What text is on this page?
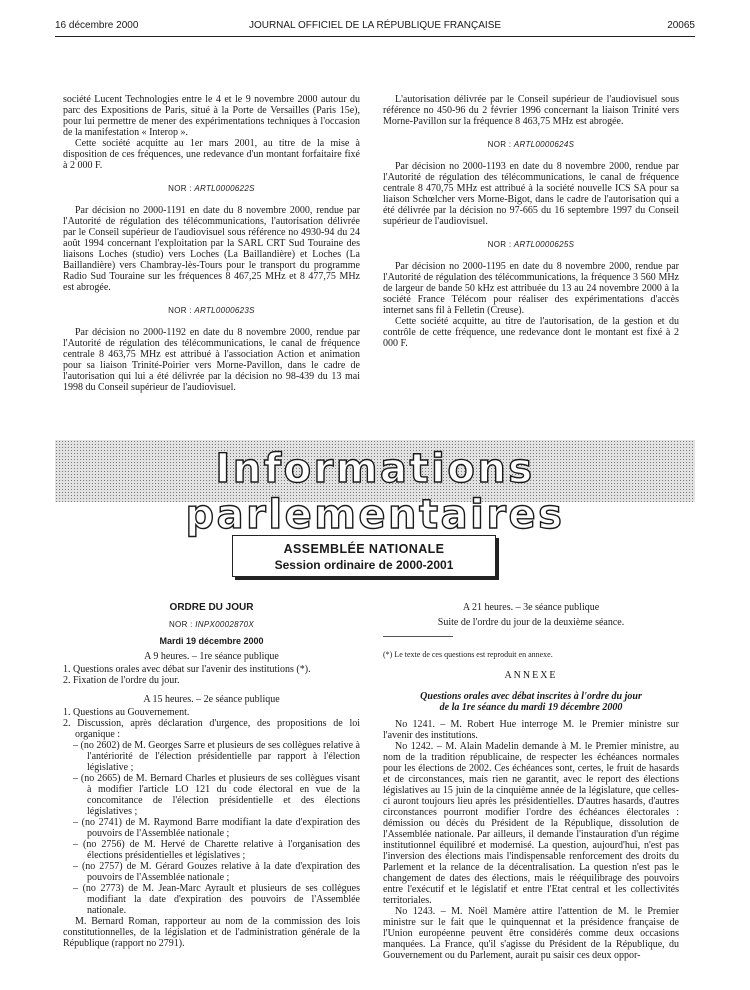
16 décembre 2000	JOURNAL OFFICIEL DE LA RÉPUBLIQUE FRANÇAISE	20065

société Lucent Technologies entre le 4 et le 9 novembre 2000 autour du parc des Expositions de Paris, situé à la Porte de Versailles (Paris 15e), pour lui permettre de mener des expérimentations techniques à l'occasion de la manifestation « Interop ».

Cette société acquitte au 1er mars 2001, au titre de la mise à disposition de ces fréquences, une redevance d'un montant forfaitaire fixé à 2 000 F.

NOR : ARTL0000622S

Par décision no 2000-1191 en date du 8 novembre 2000, rendue par l'Autorité de régulation des télécommunications, l'autorisation délivrée par le Conseil supérieur de l'audiovisuel sous référence no 4930-94 du 24 août 1994 concernant l'exploitation par la SARL CRT Sud Touraine des liaisons Loches (studio) vers Loches (La Baillandière) et Loches (La Baillandière) vers Chambray-lès-Tours pour le transport du programme Radio Sud Touraine sur les fréquences 8 467,25 MHz et 8 477,75 MHz est abrogée.

NOR : ARTL0000623S

Par décision no 2000-1192 en date du 8 novembre 2000, rendue par l'Autorité de régulation des télécommunications, le canal de fréquence centrale 8 463,75 MHz est attribué à l'association Action et animation pour sa liaison Trinité-Poirier vers Morne-Pavillon, dans le cadre de l'autorisation qui lui a été délivrée par la décision no 98-439 du 13 mai 1998 du Conseil supérieur de l'audiovisuel.

L'autorisation délivrée par le Conseil supérieur de l'audiovisuel sous référence no 450-96 du 2 février 1996 concernant la liaison Trinité vers Morne-Pavillon sur la fréquence 8 463,75 MHz est abrogée.

NOR : ARTL0000624S

Par décision no 2000-1193 en date du 8 novembre 2000, rendue par l'Autorité de régulation des télécommunications, le canal de fréquence centrale 8 470,75 MHz est attribué à la société nouvelle ICS SA pour sa liaison Schœlcher vers Morne-Bigot, dans le cadre de l'autorisation qui a été délivrée par la décision no 97-665 du 16 septembre 1997 du Conseil supérieur de l'audiovisuel.

NOR : ARTL0000625S

Par décision no 2000-1195 en date du 8 novembre 2000, rendue par l'Autorité de régulation des télécommunications, la fréquence 3 560 MHz de largeur de bande 50 kHz est attribuée du 13 au 24 novembre 2000 à la société France Télécom pour réaliser des expérimentations d'accès internet sans fil à Felletin (Creuse).

Cette société acquitte, au titre de l'autorisation, de la gestion et du contrôle de cette fréquence, une redevance dont le montant est fixé à 2 000 F.

Informations parlementaires
ASSEMBLÉE NATIONALE
Session ordinaire de 2000-2001
ORDRE DU JOUR
NOR : INPX0002870X
Mardi 19 décembre 2000
A 9 heures. – 1re séance publique
1. Questions orales avec débat sur l'avenir des institutions (*).
2. Fixation de l'ordre du jour.
A 15 heures. – 2e séance publique
1. Questions au Gouvernement.
2. Discussion, après déclaration d'urgence, des propositions de loi organique :
– (no 2602) de M. Georges Sarre et plusieurs de ses collègues relative à l'antériorité de l'élection présidentielle par rapport à l'élection législative ;
– (no 2665) de M. Bernard Charles et plusieurs de ses collègues visant à modifier l'article LO 121 du code électoral en vue de la concomitance de l'élection présidentielle et des élections législatives ;
– (no 2741) de M. Raymond Barre modifiant la date d'expiration des pouvoirs de l'Assemblée nationale ;
– (no 2756) de M. Hervé de Charette relative à l'organisation des élections présidentielles et législatives ;
– (no 2757) de M. Gérard Gouzes relative à la date d'expiration des pouvoirs de l'Assemblée nationale ;
– (no 2773) de M. Jean-Marc Ayrault et plusieurs de ses collègues modifiant la date d'expiration des pouvoirs de l'Assemblée nationale.

M. Bernard Roman, rapporteur au nom de la commission des lois constitutionnelles, de la législation et de l'administration générale de la République (rapport no 2791).

A 21 heures. – 3e séance publique
Suite de l'ordre du jour de la deuxième séance.
(*) Le texte de ces questions est reproduit en annexe.
ANNEXE
Questions orales avec débat inscrites à l'ordre du jour
de la 1re séance du mardi 19 décembre 2000

No 1241. – M. Robert Hue interroge M. le Premier ministre sur l'avenir des institutions.

No 1242. – M. Alain Madelin demande à M. le Premier ministre, au nom de la tradition républicaine, de respecter les échéances normales pour les élections de 2002. Ces échéances sont, certes, le fruit de hasards et de circonstances, mais rien ne garantit, avec le report des élections législatives au 15 juin de la cinquième année de la législature, que celles-ci auront toujours lieu après les présidentielles. D'autres hasards, d'autres circonstances pourront modifier l'ordre des échéances électorales : démission ou décès du Président de la République, dissolution de l'Assemblée nationale. Par ailleurs, il demande l'instauration d'un régime institutionnel équilibré et modernisé. La question, aujourd'hui, n'est pas l'inversion des élections mais l'indispensable renforcement des droits du Parlement et la relance de la décentralisation. La question n'est pas le changement de dates des élections, mais le rééquilibrage des pouvoirs entre l'exécutif et le législatif et entre l'Etat central et les collectivités territoriales.

No 1243. – M. Noël Mamère attire l'attention de M. le Premier ministre sur le fait que le quinquennat et la présidence française de l'Union européenne peuvent être considérés comme deux occasions manquées. La France, qu'il s'agisse du Président de la République, du Gouvernement ou du Parlement, aurait pu saisir ces deux oppor-
